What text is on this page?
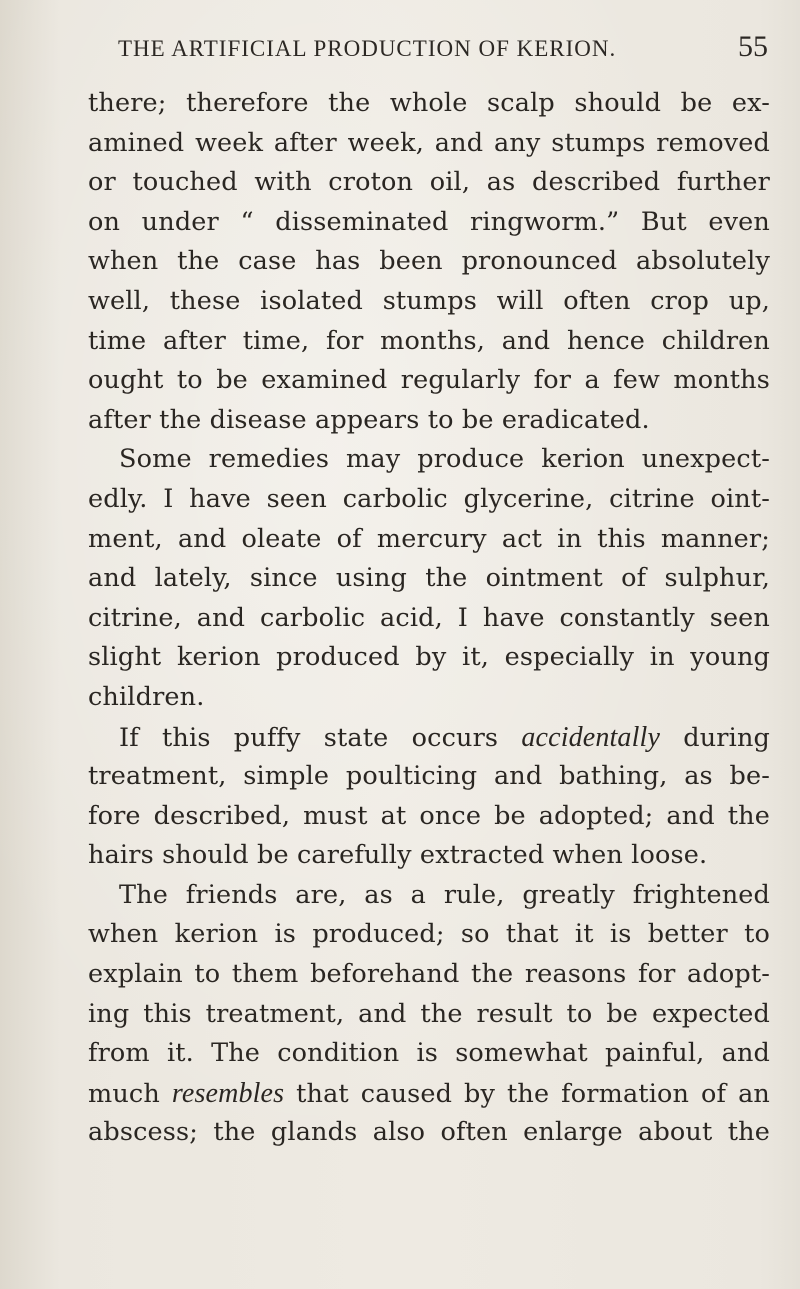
THE ARTIFICIAL PRODUCTION OF KERION.	55
there; therefore the whole scalp should be ex-
amined week after week, and any stumps removed
or touched with croton oil, as described further
on under “ disseminated ringworm.” But even
when the case has been pronounced absolutely
well, these isolated stumps will often crop up,
time after time, for months, and hence children
ought to be examined regularly for a few months
after the disease appears to be eradicated.
Some remedies may produce kerion unexpect-
edly. I have seen carbolic glycerine, citrine oint-
ment, and oleate of mercury act in this manner;
and lately, since using the ointment of sulphur,
citrine, and carbolic acid, I have constantly seen
slight kerion produced by it, especially in young
children.
If this puffy state occurs accidentally during
treatment, simple poulticing and bathing, as be-
fore described, must at once be adopted; and the
hairs should be carefully extracted when loose.
The friends are, as a rule, greatly frightened
when kerion is produced; so that it is better to
explain to them beforehand the reasons for adopt-
ing this treatment, and the result to be expected
from it. The condition is somewhat painful, and
much resembles that caused by the formation of an
abscess; the glands also often enlarge about the
